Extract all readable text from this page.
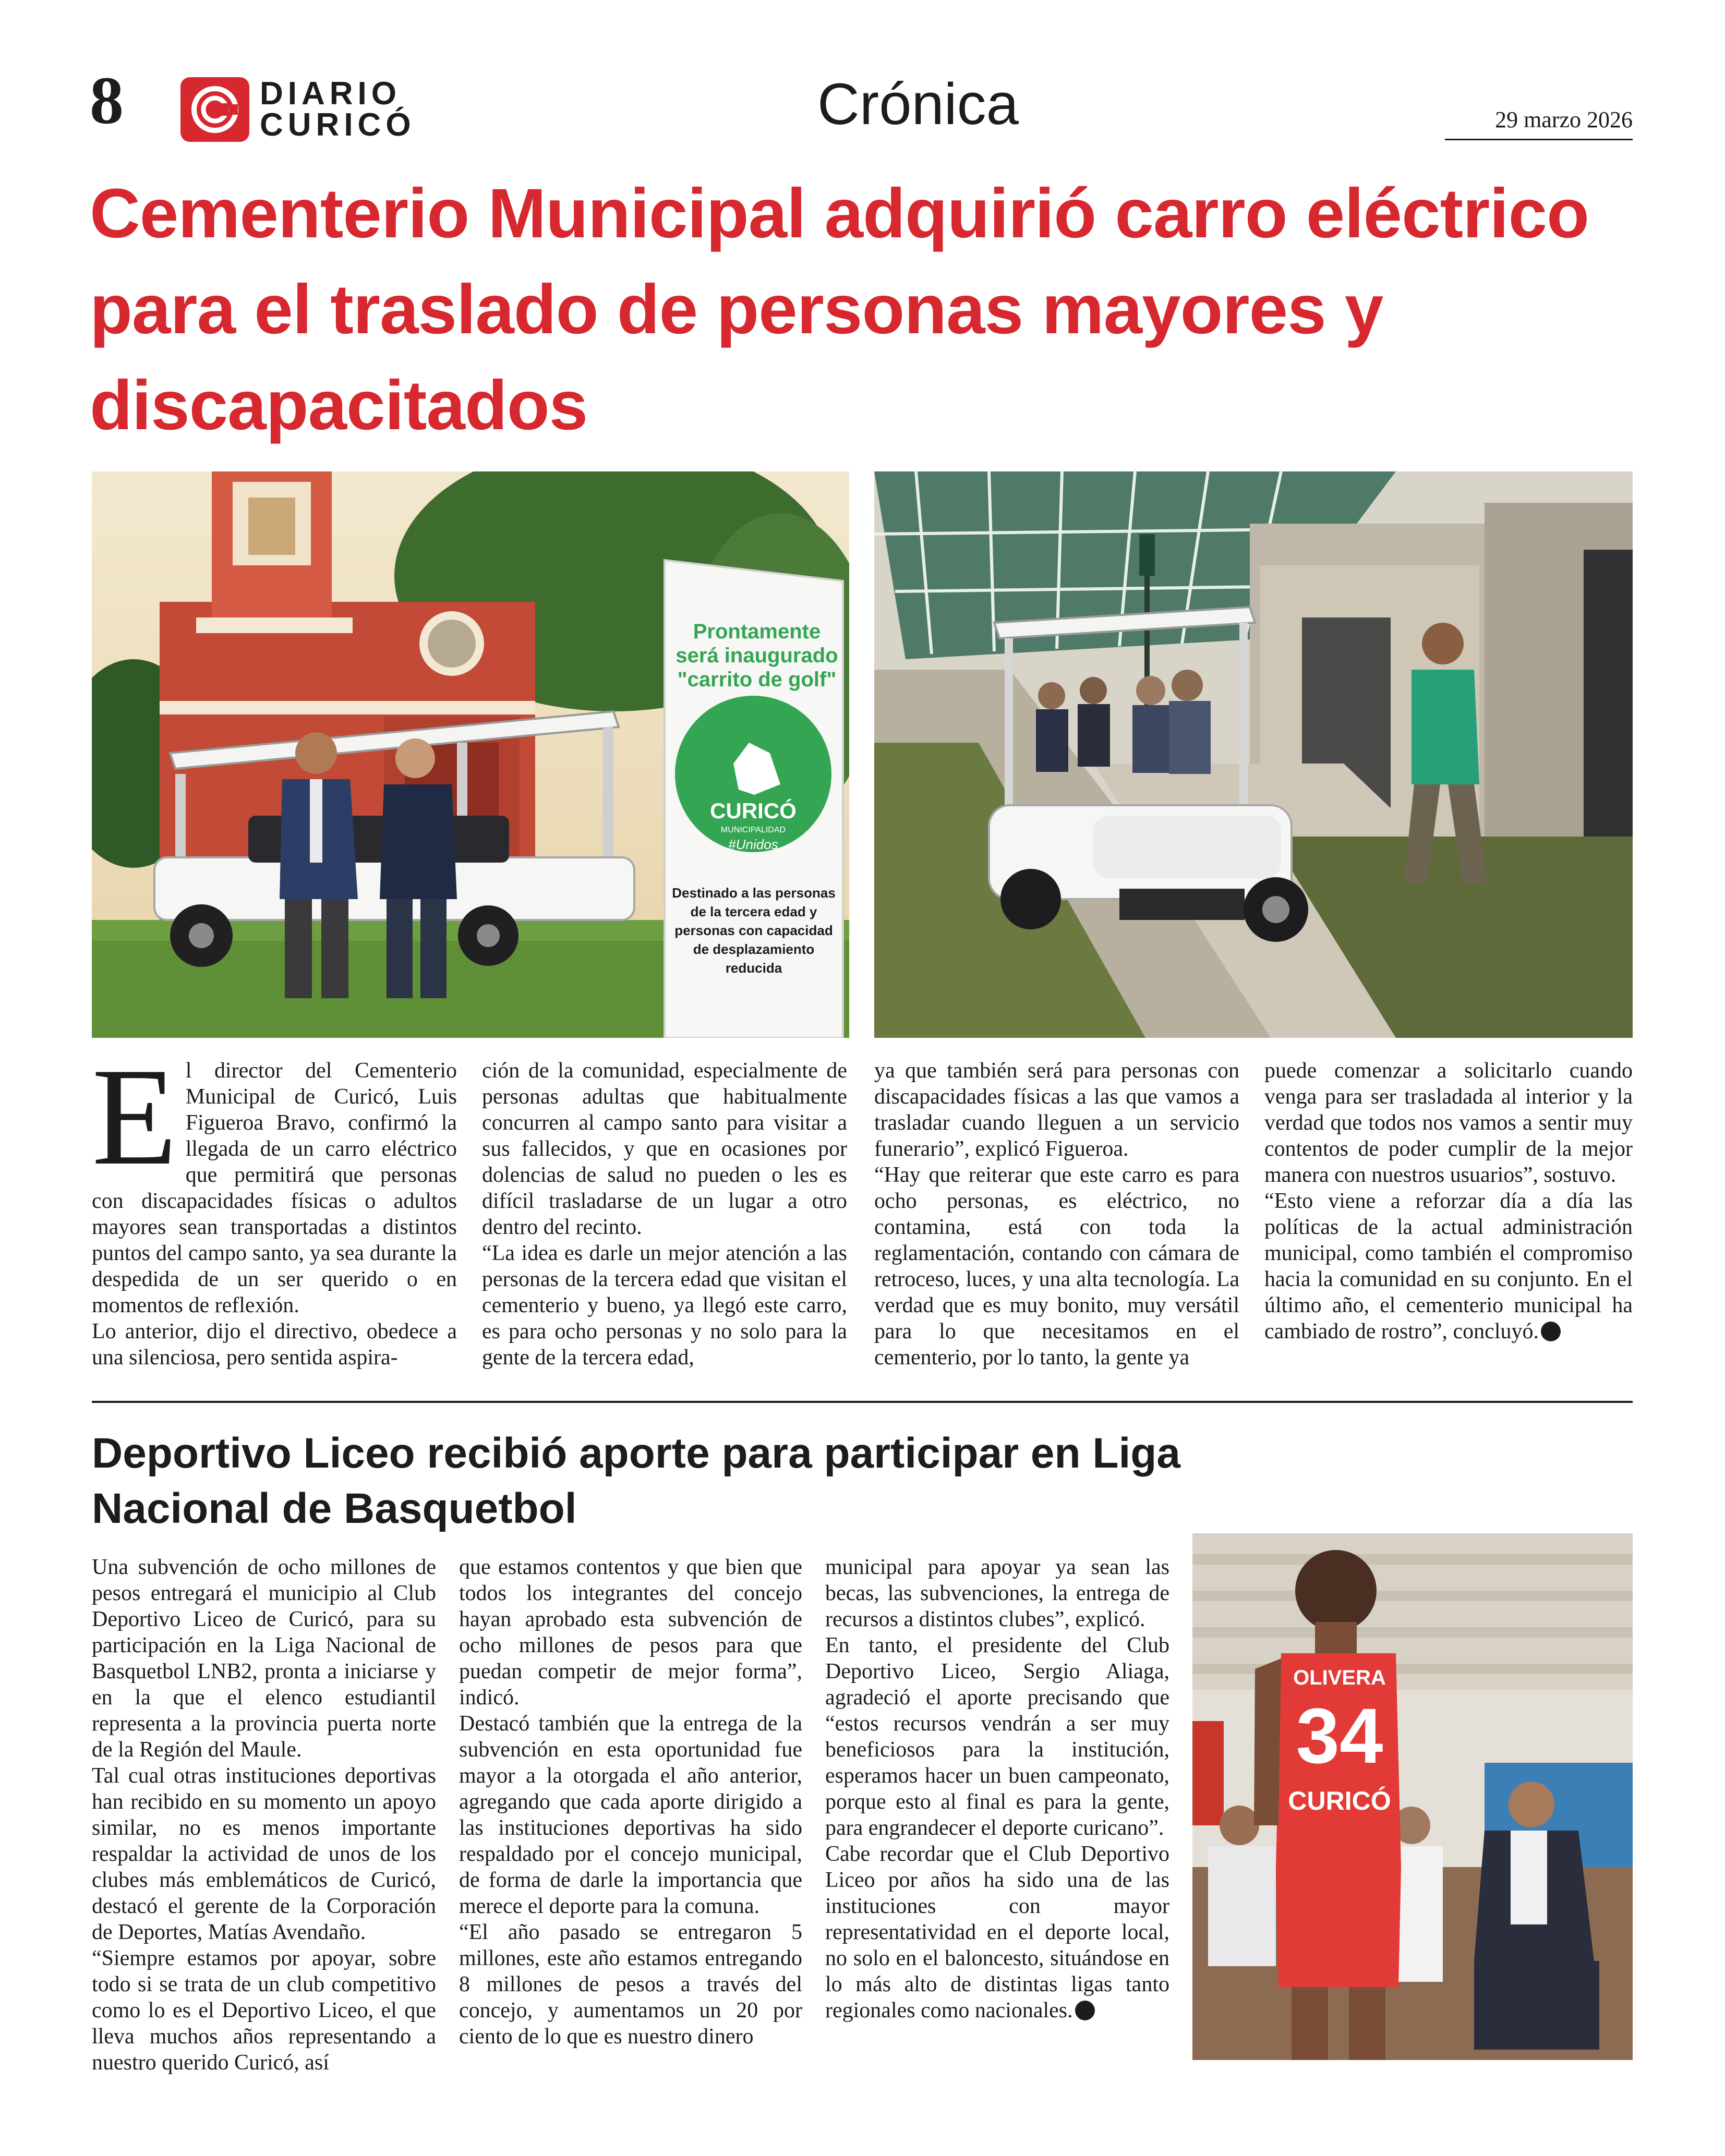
8	DIARIO
CURICÓ	Crónica	29 marzo 2026
Cementerio Municipal adquirió carro eléctrico para el traslado de personas mayores y discapacitados
Prontamente
será inaugurado
"carrito de golf"
CURICÓ
MUNICIPALIDAD
#Unidos
Destinado a las personas de la tercera edad y personas con capacidad de desplazamiento reducida
E l director del Cementerio Municipal de Curicó, Luis Figueroa Bravo, confirmó la llegada de un carro eléctrico que permitirá que personas con discapacidades físicas o adultos mayores sean transportadas a distintos puntos del campo santo, ya sea durante la despedida de un ser querido o en momentos de reflexión.

Lo anterior, dijo el directivo, obedece a una silenciosa, pero sentida aspira-

ción de la comunidad, especialmente de personas adultas que habitualmente concurren al campo santo para visitar a sus fallecidos, y que en ocasiones por dolencias de salud no pueden o les es difícil trasladarse de un lugar a otro dentro del recinto.

“La idea es darle un mejor atención a las personas de la tercera edad que visitan el cementerio y bueno, ya llegó este carro, es para ocho personas y no solo para la gente de la tercera edad,

ya que también será para personas con discapacidades físicas a las que vamos a trasladar cuando lleguen a un servicio funerario”, explicó Figueroa.

“Hay que reiterar que este carro es para ocho personas, es eléctrico, no contamina, está con toda la reglamentación, contando con cámara de retroceso, luces, y una alta tecnología. La verdad que es muy bonito, muy versátil para lo que necesitamos en el cementerio, por lo tanto, la gente ya

puede comenzar a solicitarlo cuando venga para ser trasladada al interior y la verdad que todos nos vamos a sentir muy contentos de poder cumplir de la mejor manera con nuestros usuarios”, sostuvo.

“Esto viene a reforzar día a día las políticas de la actual administración municipal, como también el compromiso hacia la comunidad en su conjunto. En el último año, el cementerio municipal ha cambiado de rostro”, concluyó.

Deportivo Liceo recibió aporte para participar en Liga Nacional de Basquetbol

Una subvención de ocho millones de pesos entregará el municipio al Club Deportivo Liceo de Curicó, para su participación en la Liga Nacional de Basquetbol LNB2, pronta a iniciarse y en la que el elenco estudiantil representa a la provincia puerta norte de la Región del Maule.

Tal cual otras instituciones deportivas han recibido en su momento un apoyo similar, no es menos importante respaldar la actividad de unos de los clubes más emblemáticos de Curicó, destacó el gerente de la Corporación de Deportes, Matías Avendaño.

“Siempre estamos por apoyar, sobre todo si se trata de un club competitivo como lo es el Deportivo Liceo, el que lleva muchos años representando a nuestro querido Curicó, así

que estamos contentos y que bien que todos los integrantes del concejo hayan aprobado esta subvención de ocho millones de pesos para que puedan competir de mejor forma”, indicó.

Destacó también que la entrega de la subvención en esta oportunidad fue mayor a la otorgada el año anterior, agregando que cada aporte dirigido a las instituciones deportivas ha sido respaldado por el concejo municipal, de forma de darle la importancia que merece el deporte para la comuna.

“El año pasado se entregaron 5 millones, este año estamos entregando 8 millones de pesos a través del concejo, y aumentamos un 20 por ciento de lo que es nuestro dinero

municipal para apoyar ya sean las becas, las subvenciones, la entrega de recursos a distintos clubes”, explicó.

En tanto, el presidente del Club Deportivo Liceo, Sergio Aliaga, agradeció el aporte precisando que “estos recursos vendrán a ser muy beneficiosos para la institución, esperamos hacer un buen campeonato, porque esto al final es para la gente, para engrandecer el deporte curicano”.

Cabe recordar que el Club Deportivo Liceo por años ha sido una de las instituciones con mayor representatividad en el deporte local, no solo en el baloncesto, situándose en lo más alto de distintas ligas tanto regionales como nacionales.

OLIVERA
34
CURICÓ
